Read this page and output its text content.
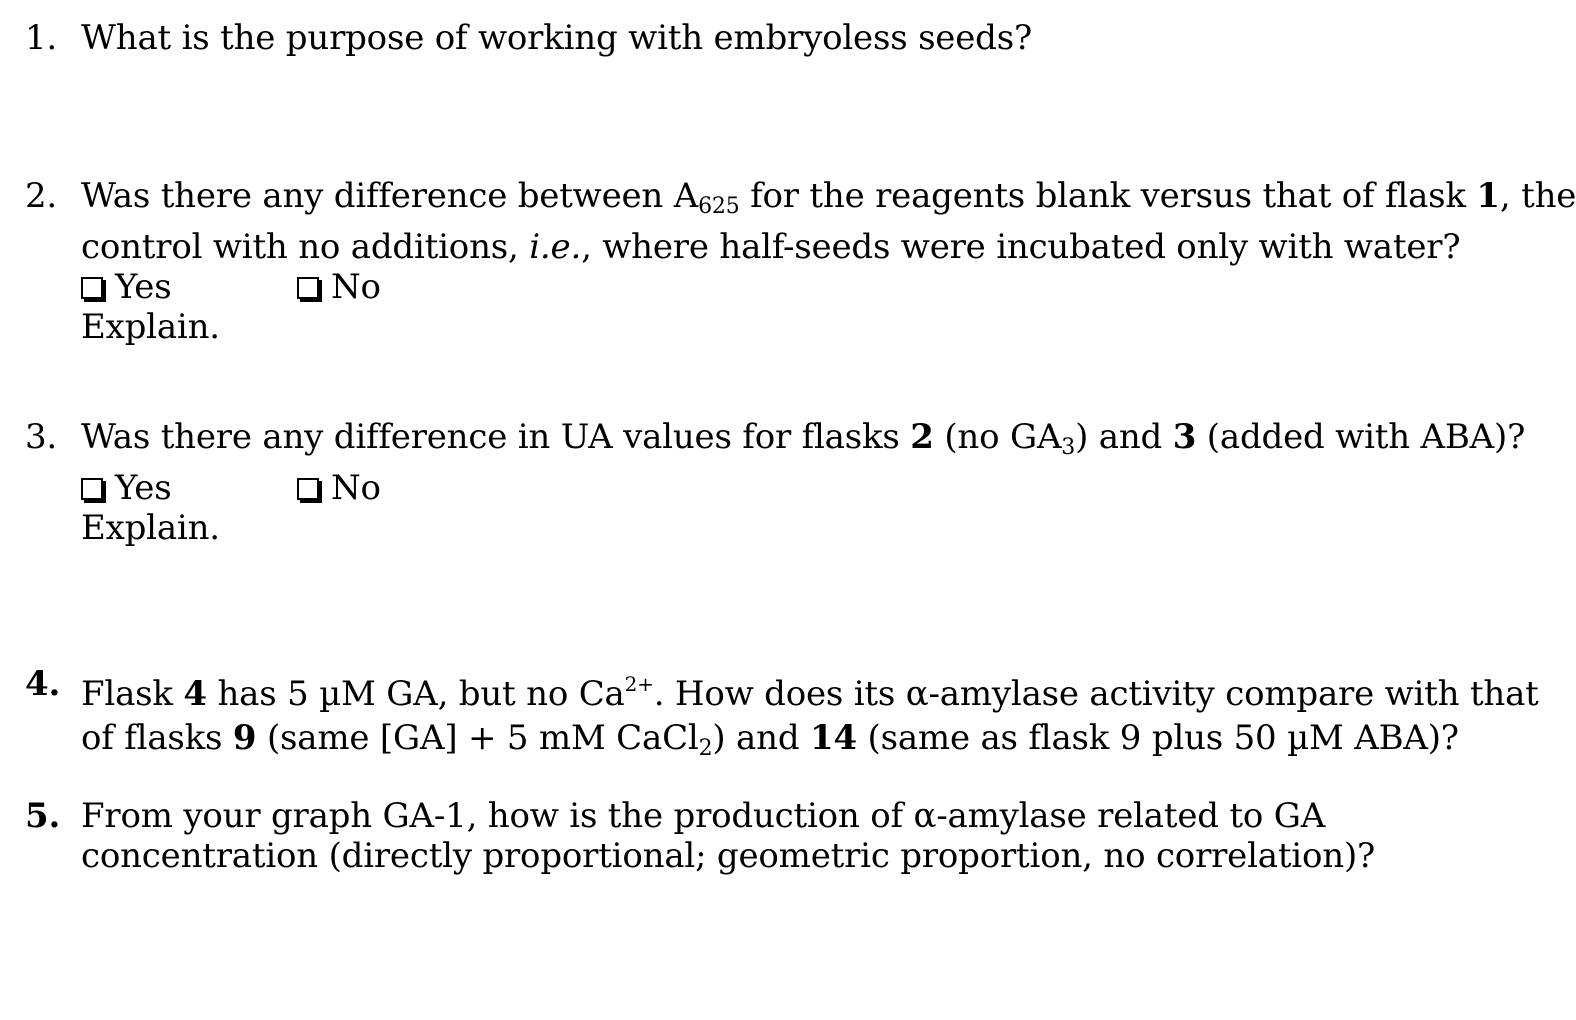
1. What is the purpose of working with embryoless seeds?
2. Was there any difference between $A_{625}$ for the reagents blank versus that of flask 1, the
control with no additions, i.e., where half-seeds were incubated only with water?
Yes	No
Explain.
3. Was there any difference in UA values for flasks 2 (no $GA_3$) and 3 (added with ABA)?
Yes	No
Explain.
4. Flask 4 has 5 µM GA, but no $Ca^{2+}$. How does its α-amylase activity compare with that
of flasks 9 (same [GA] + 5 mM CaCl$_2$) and 14 (same as flask 9 plus 50 µM ABA)?
5. From your graph GA-1, how is the production of α-amylase related to GA
concentration (directly proportional; geometric proportion, no correlation)?
